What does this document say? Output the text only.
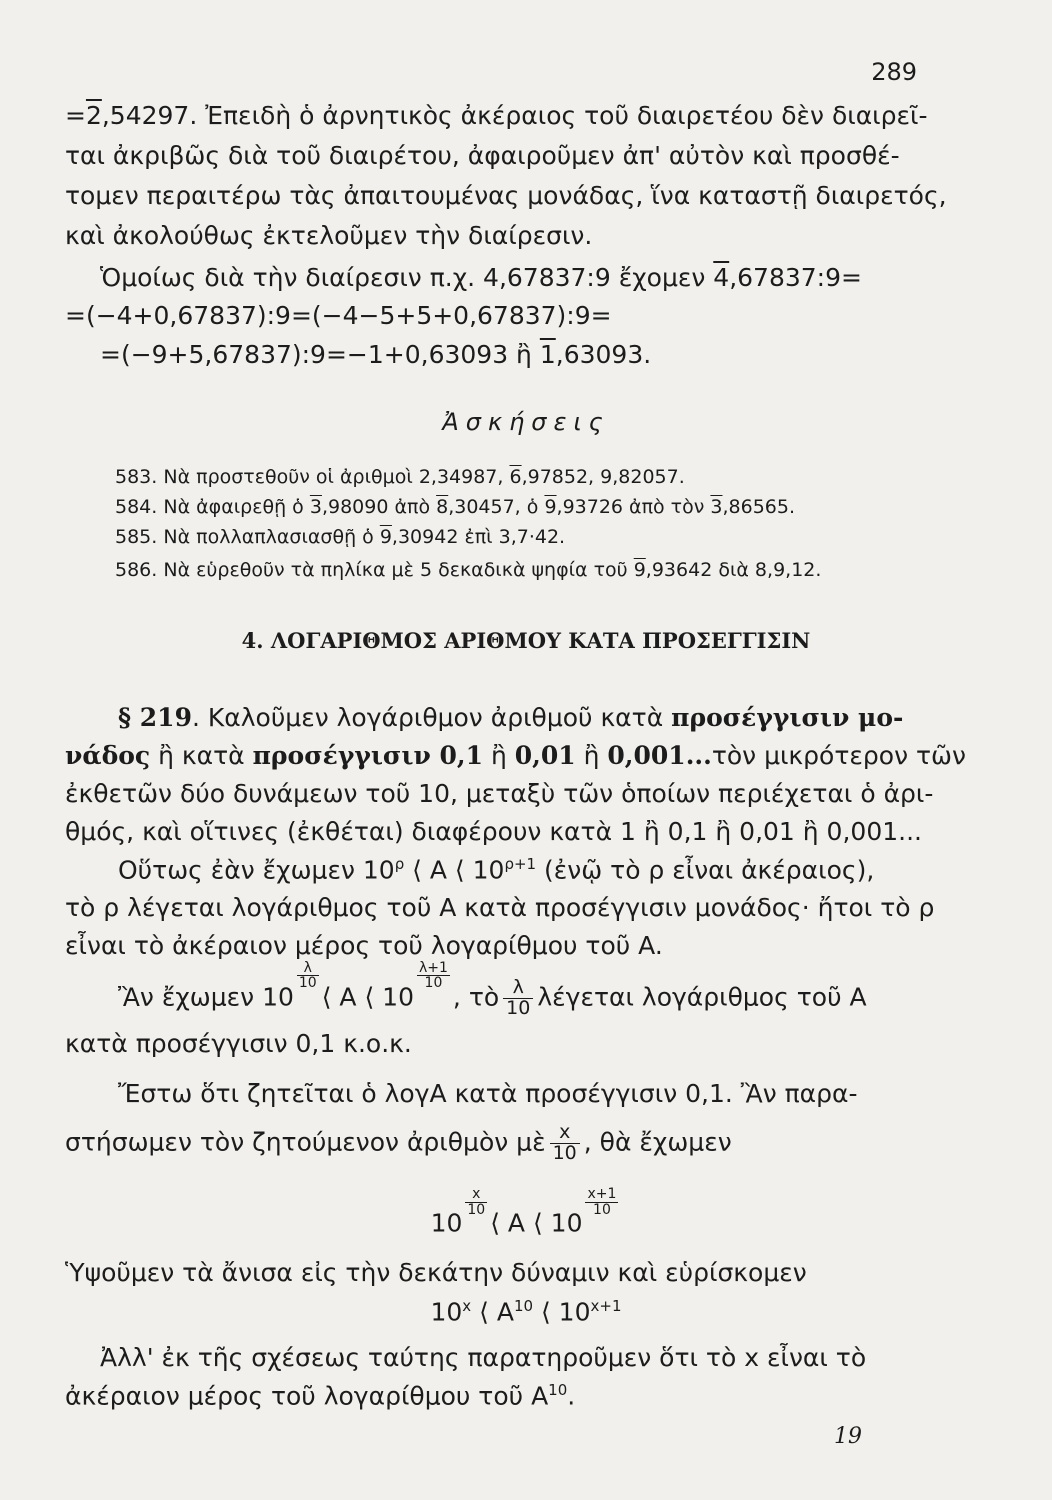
289
=2,54297. Ἐπειδὴ ὁ ἀρνητικὸς ἀκέραιος τοῦ διαιρετέου δὲν διαιρεῖ-
ται ἀκριβῶς διὰ τοῦ διαιρέτου, ἀφαιροῦμεν ἀπ' αὐτὸν καὶ προσθέ-
τομεν περαιτέρω τὰς ἀπαιτουμένας μονάδας, ἵνα καταστῇ διαιρετός,
καὶ ἀκολούθως ἐκτελοῦμεν τὴν διαίρεσιν.
Ὁμοίως διὰ τὴν διαίρεσιν π.χ. 4,67837:9 ἔχομεν 4,67837:9=
=(−4+0,67837):9=(−4−5+5+0,67837):9=
=(−9+5,67837):9=−1+0,63093 ἢ 1,63093.
Ἀσκήσεις
583. Νὰ προστεθοῦν οἱ ἀριθμοὶ 2,34987, 6,97852, 9,82057.
584. Νὰ ἀφαιρεθῇ ὁ 3,98090 ἀπὸ 8,30457, ὁ 9,93726 ἀπὸ τὸν 3,86565.
585. Νὰ πολλαπλασιασθῇ ὁ 9,30942 ἐπὶ 3,7·42.
586. Νὰ εὑρεθοῦν τὰ πηλίκα μὲ 5 δεκαδικὰ ψηφία τοῦ 9,93642 διὰ 8,9,12.
4. ΛΟΓΑΡΙΘΜΟΣ ΑΡΙΘΜΟΥ ΚΑΤΑ ΠΡΟΣΕΓΓΙΣΙΝ
§ 219. Καλοῦμεν λογάριθμον ἀριθμοῦ κατὰ προσέγγισιν μο-
νάδος ἢ κατὰ προσέγγισιν 0,1 ἢ 0,01 ἢ 0,001...τὸν μικρότερον τῶν
ἐκθετῶν δύο δυνάμεων τοῦ 10, μεταξὺ τῶν ὁποίων περιέχεται ὁ ἀρι-
θμός, καὶ οἵτινες (ἐκθέται) διαφέρουν κατὰ 1 ἢ 0,1 ἢ 0,01 ἢ 0,001...
Οὕτως ἐὰν ἔχωμεν $10^\rho$ ⟨ A ⟨ $10^{\rho+1}$ (ἐνῷ τὸ ρ εἶναι ἀκέραιος),
τὸ ρ λέγεται λογάριθμος τοῦ A κατὰ προσέγγισιν μονάδος· ἤτοι τὸ ρ
εἶναι τὸ ἀκέραιον μέρος τοῦ λογαρίθμου τοῦ A.
Ἂν ἔχωμεν 10
$\frac{\lambda}{10}$
⟨ A ⟨ 10
$\frac{\lambda+1}{10}$
, τὸ $\frac{\lambda}{10}$ λέγεται λογάριθμος τοῦ A
κατὰ προσέγγισιν 0,1 κ.ο.κ.
Ἔστω ὅτι ζητεῖται ὁ λογA κατὰ προσέγγισιν 0,1. Ἂν παρα-
στήσωμεν τὸν ζητούμενον ἀριθμὸν μὲ $\frac{x}{10}$ , θὰ ἔχωμεν
10
$\frac{x}{10}$
⟨ A ⟨ 10
$\frac{x+1}{10}$
Ὑψοῦμεν τὰ ἄνισα εἰς τὴν δεκάτην δύναμιν καὶ εὑρίσκομεν
10$^x$ ⟨ $A^{10}$ ⟨ $10^{x+1}$
Ἀλλ' ἐκ τῆς σχέσεως ταύτης παρατηροῦμεν ὅτι τὸ x εἶναι τὸ
ἀκέραιον μέρος τοῦ λογαρίθμου τοῦ $A^{10}$.
19
